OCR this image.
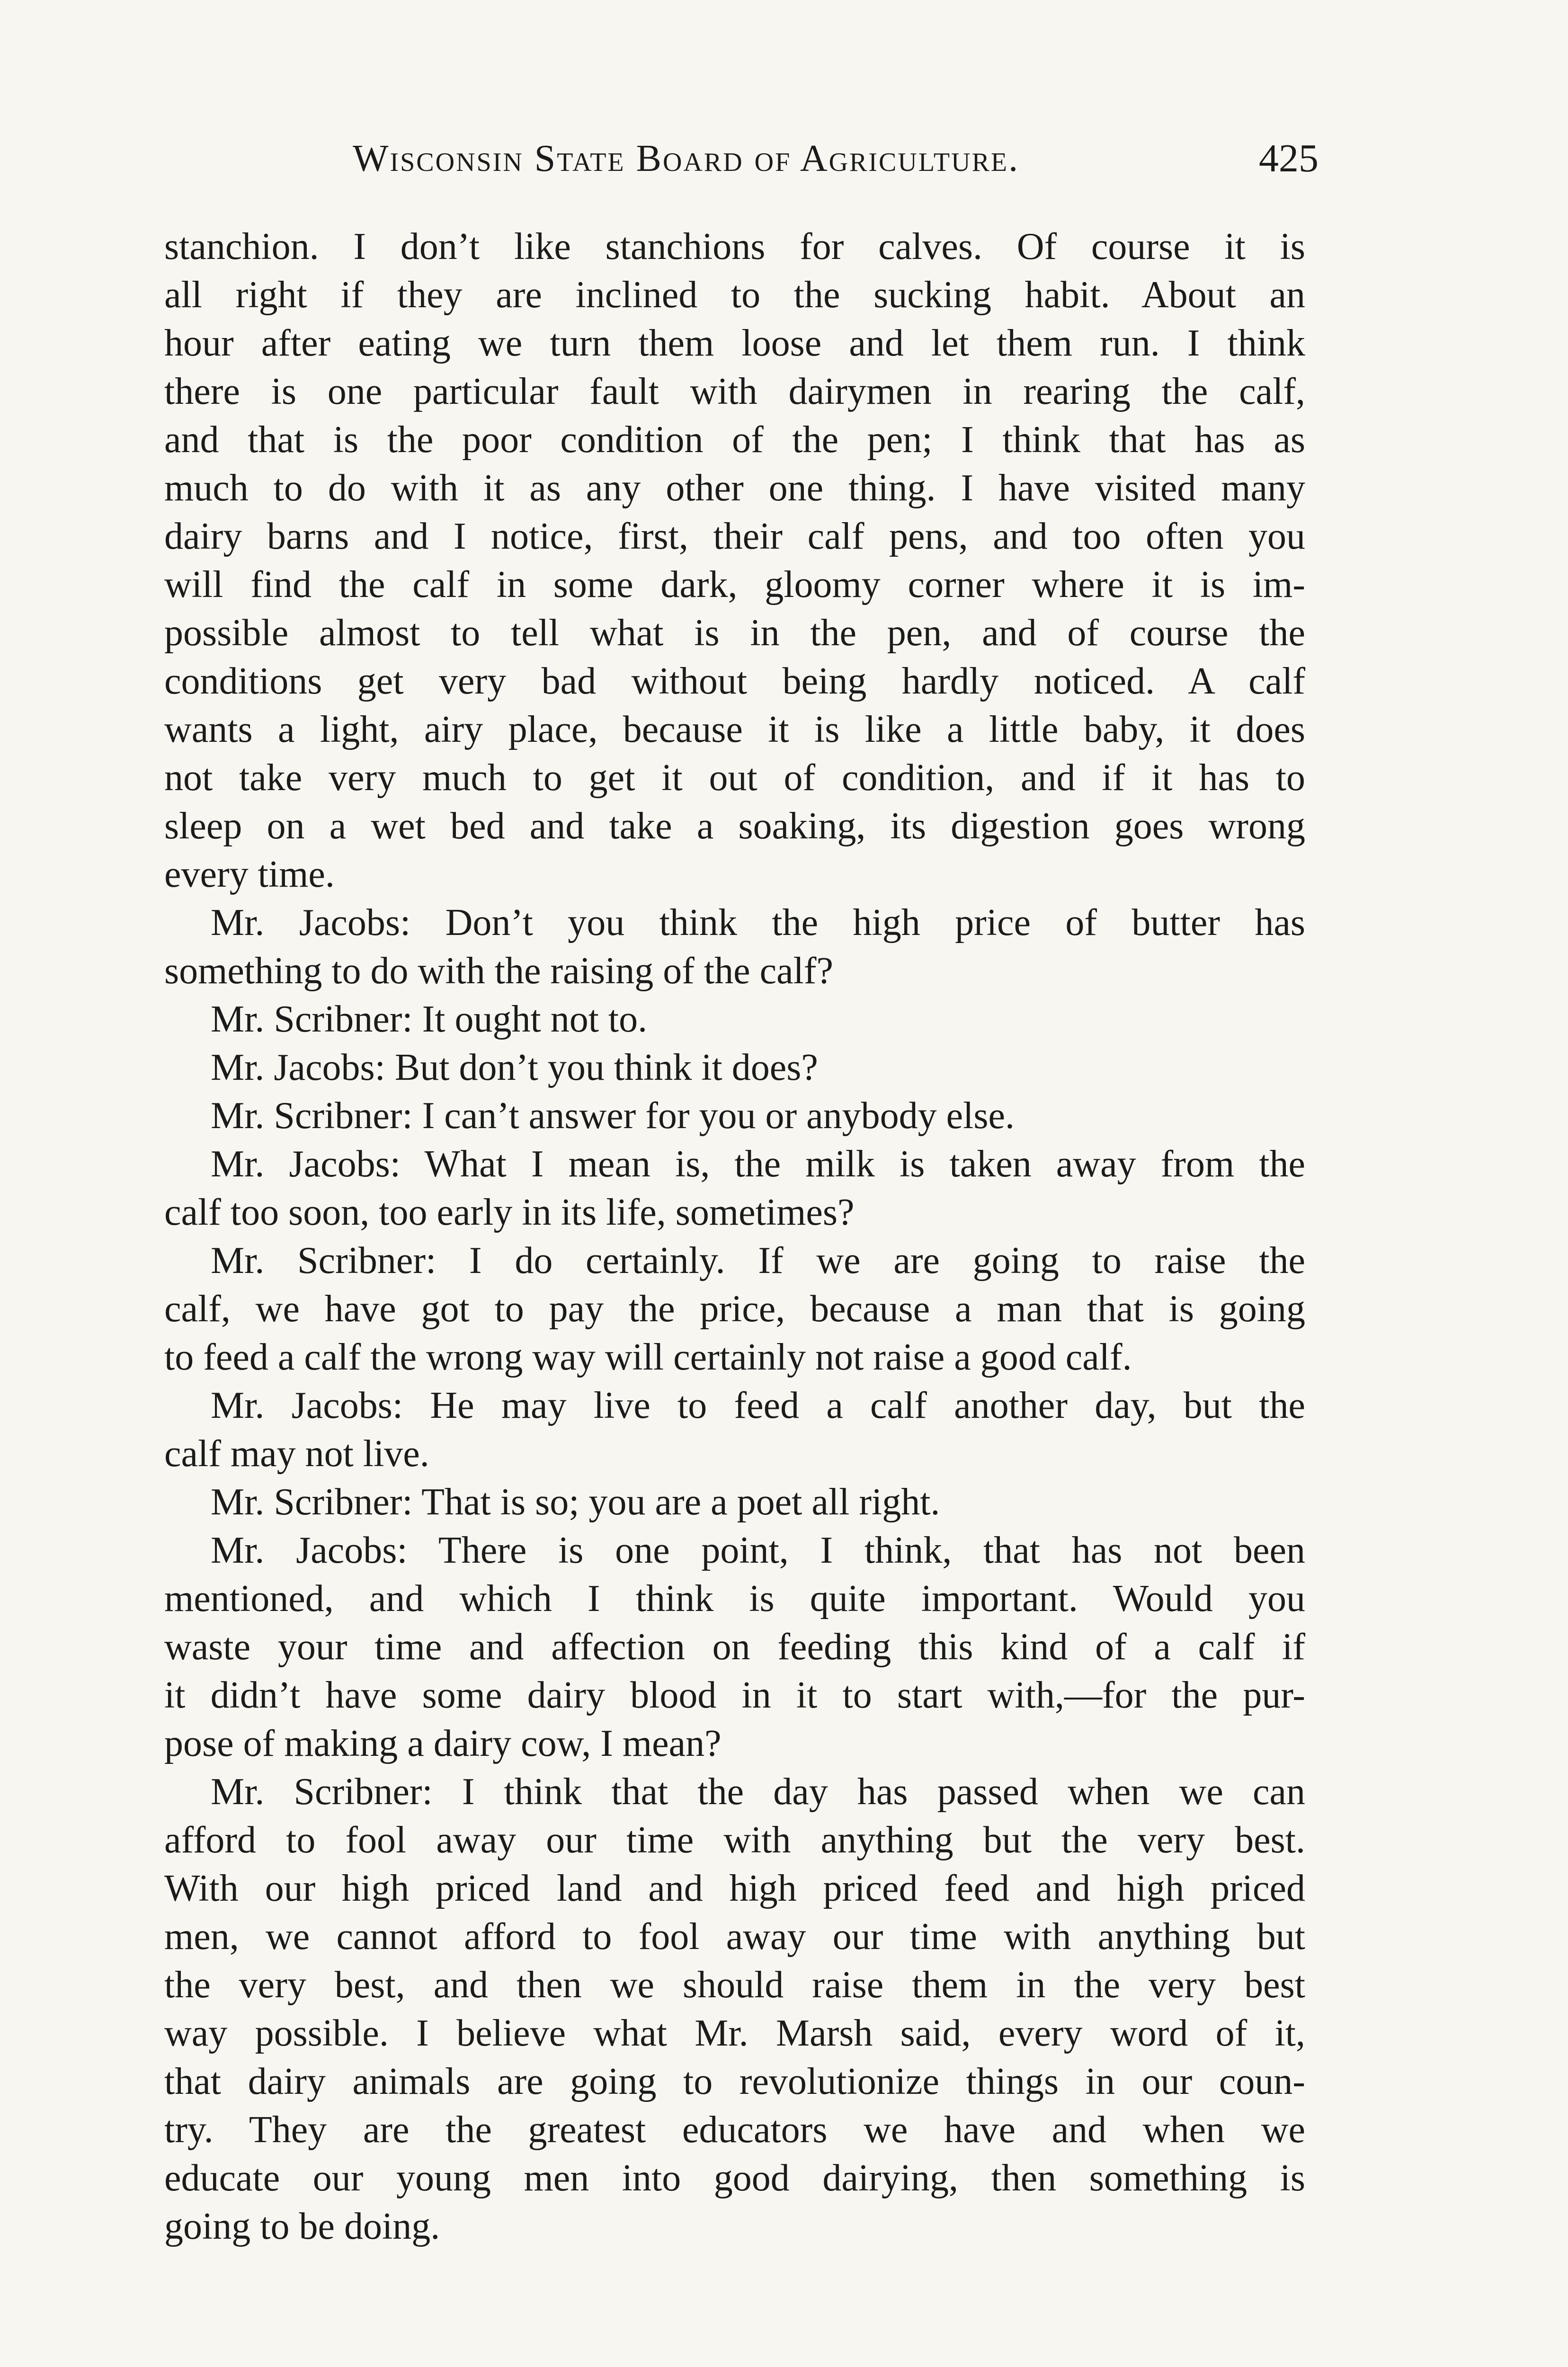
Wisconsin State Board of Agriculture.	425
stanchion. I don’t like stanchions for calves. Of course it is
all right if they are inclined to the sucking habit. About an
hour after eating we turn them loose and let them run. I think
there is one particular fault with dairymen in rearing the calf,
and that is the poor condition of the pen; I think that has as
much to do with it as any other one thing. I have visited many
dairy barns and I notice, first, their calf pens, and too often you
will find the calf in some dark, gloomy corner where it is im-
possible almost to tell what is in the pen, and of course the
conditions get very bad without being hardly noticed. A calf
wants a light, airy place, because it is like a little baby, it does
not take very much to get it out of condition, and if it has to
sleep on a wet bed and take a soaking, its digestion goes wrong
every time.
Mr. Jacobs: Don’t you think the high price of butter has
something to do with the raising of the calf?
Mr. Scribner: It ought not to.
Mr. Jacobs: But don’t you think it does?
Mr. Scribner: I can’t answer for you or anybody else.
Mr. Jacobs: What I mean is, the milk is taken away from the
calf too soon, too early in its life, sometimes?
Mr. Scribner: I do certainly. If we are going to raise the
calf, we have got to pay the price, because a man that is going
to feed a calf the wrong way will certainly not raise a good calf.
Mr. Jacobs: He may live to feed a calf another day, but the
calf may not live.
Mr. Scribner: That is so; you are a poet all right.
Mr. Jacobs: There is one point, I think, that has not been
mentioned, and which I think is quite important. Would you
waste your time and affection on feeding this kind of a calf if
it didn’t have some dairy blood in it to start with,—for the pur-
pose of making a dairy cow, I mean?
Mr. Scribner: I think that the day has passed when we can
afford to fool away our time with anything but the very best.
With our high priced land and high priced feed and high priced
men, we cannot afford to fool away our time with anything but
the very best, and then we should raise them in the very best
way possible. I believe what Mr. Marsh said, every word of it,
that dairy animals are going to revolutionize things in our coun-
try. They are the greatest educators we have and when we
educate our young men into good dairying, then something is
going to be doing.
